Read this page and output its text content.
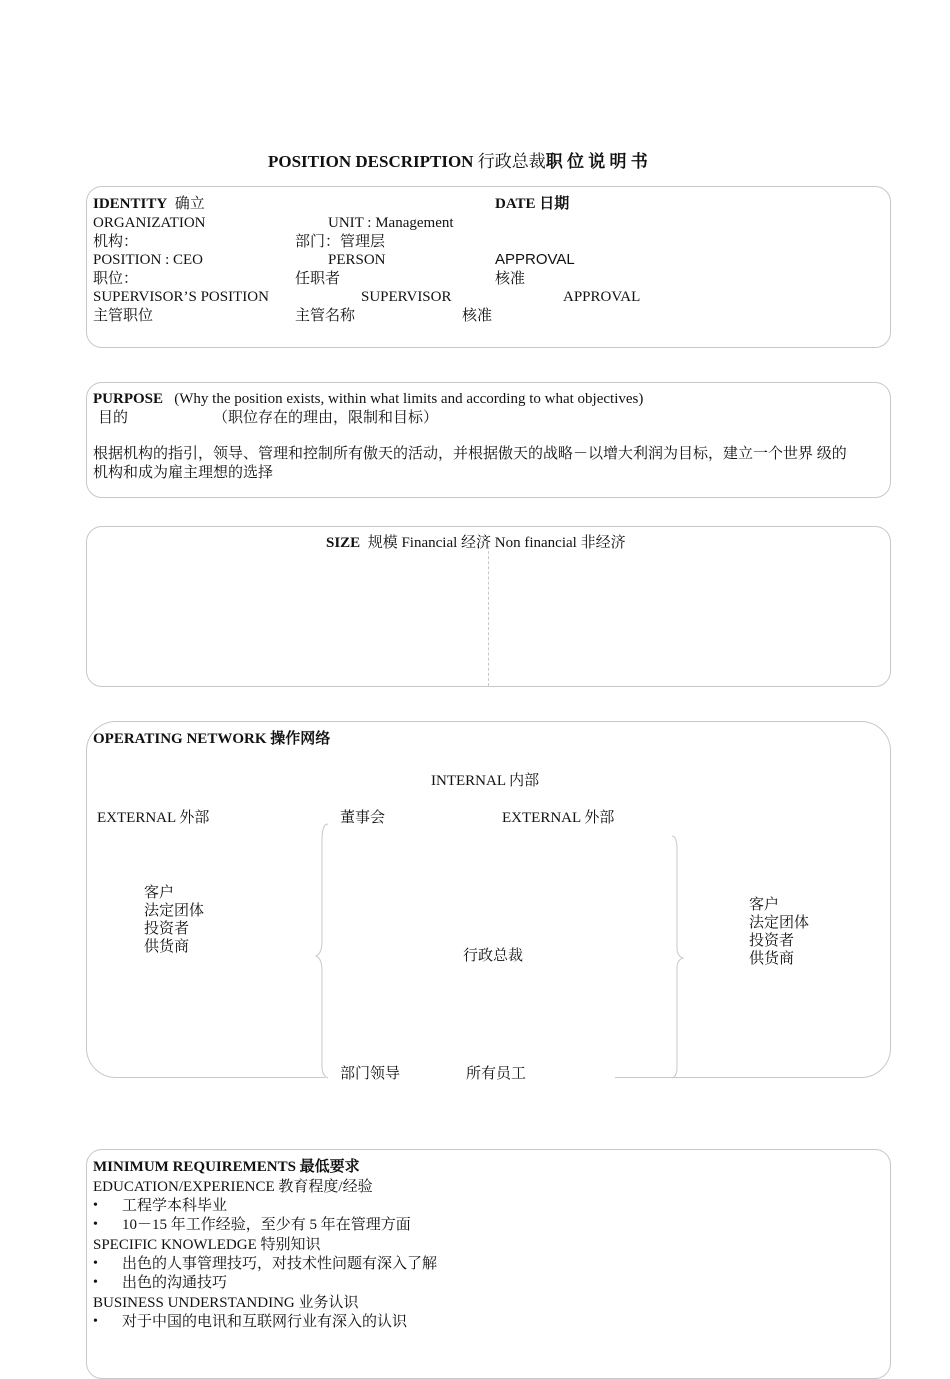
POSITION DESCRIPTION 行政总裁职 位 说 明 书
IDENTITY 确立	DATE 日期
ORGANIZATION	UNIT : Management
机构：	部门：管理层
POSITION : CEO	PERSON	APPROVAL
职位：	任职者	核准
SUPERVISOR’S POSITION	SUPERVISOR	APPROVAL
主管职位	主管名称	核准
PURPOSE (Why the position exists, within what limits and according to what objectives)
目的	（职位存在的理由，限制和目标）
根据机构的指引，领导、管理和控制所有傲天的活动，并根据傲天的战略－以增大利润为目标，建立一个世界 级的
机构和成为雇主理想的选择
SIZE 规模 Financial 经济 Non financial 非经济
OPERATING NETWORK 操作网络
INTERNAL 内部
EXTERNAL 外部	董事会	EXTERNAL 外部
客户
法定团体
投资者
供货商
行政总裁
客户
法定团体
投资者
供货商
部门领导	所有员工
MINIMUM REQUIREMENTS 最低要求
EDUCATION/EXPERIENCE 教育程度/经验
工程学本科毕业
10－15 年工作经验，至少有 5 年在管理方面
SPECIFIC KNOWLEDGE 特别知识
出色的人事管理技巧，对技术性问题有深入了解
出色的沟通技巧
BUSINESS UNDERSTANDING 业务认识
对于中国的电讯和互联网行业有深入的认识
